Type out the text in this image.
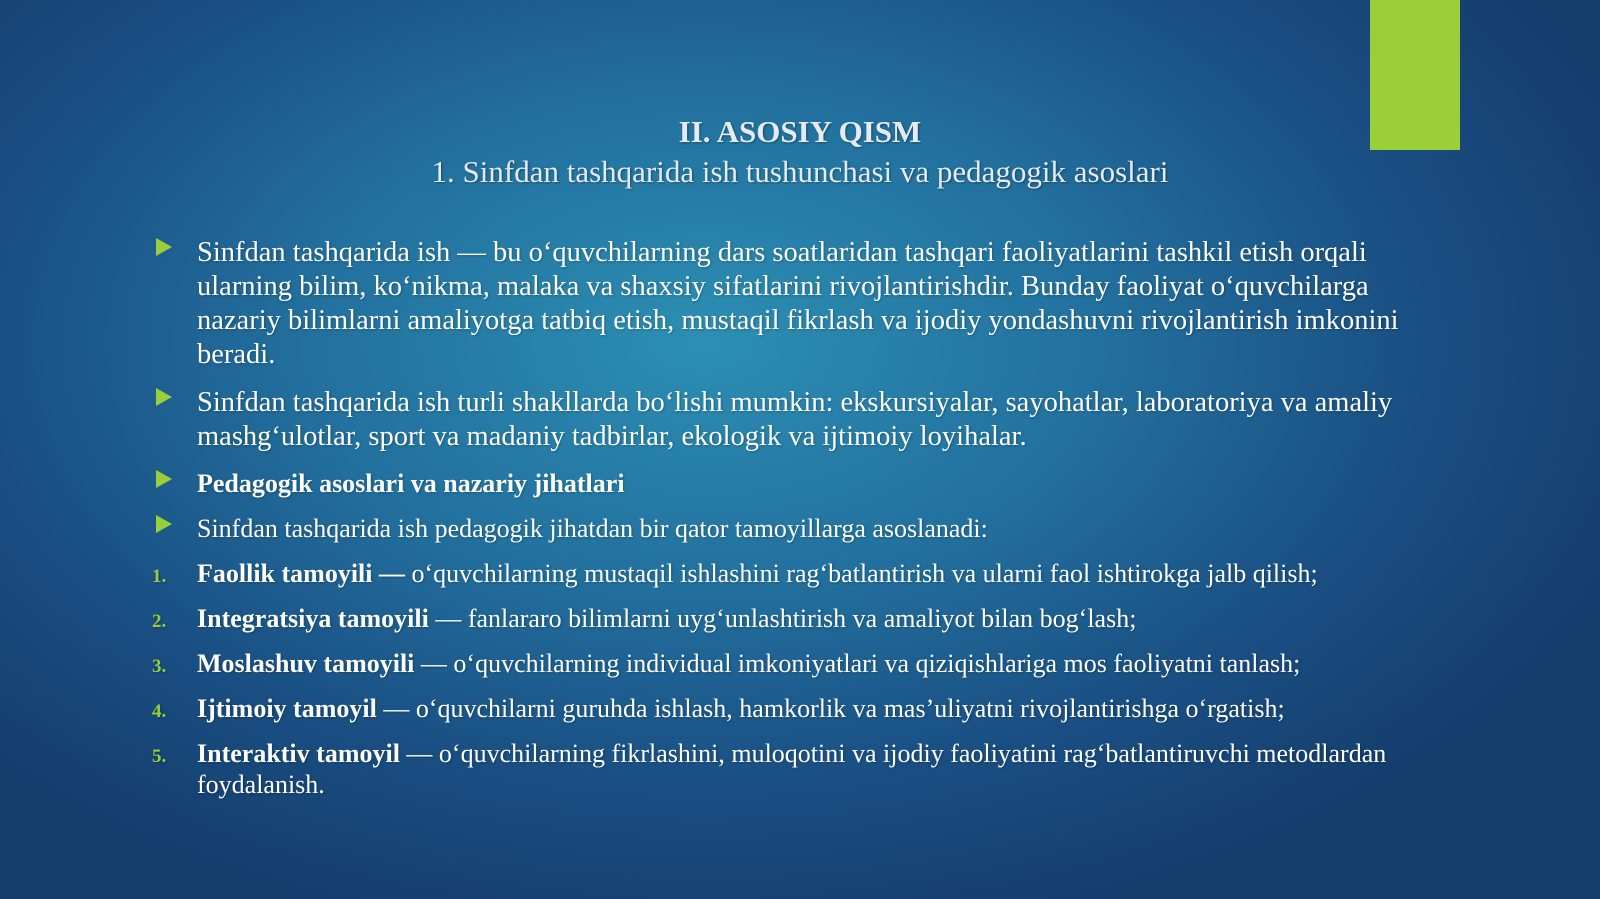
II. ASOSIY QISM
1. Sinfdan tashqarida ish tushunchasi va pedagogik asoslari
Sinfdan tashqarida ish — bu o‘quvchilarning dars soatlaridan tashqari faoliyatlarini tashkil etish orqali ularning bilim, ko‘nikma, malaka va shaxsiy sifatlarini rivojlantirishdir. Bunday faoliyat o‘quvchilarga nazariy bilimlarni amaliyotga tatbiq etish, mustaqil fikrlash va ijodiy yondashuvni rivojlantirish imkonini beradi.
Sinfdan tashqarida ish turli shakllarda bo‘lishi mumkin: ekskursiyalar, sayohatlar, laboratoriya va amaliy mashg‘ulotlar, sport va madaniy tadbirlar, ekologik va ijtimoiy loyihalar.
Pedagogik asoslari va nazariy jihatlari
Sinfdan tashqarida ish pedagogik jihatdan bir qator tamoyillarga asoslanadi:
1. Faollik tamoyili — o‘quvchilarning mustaqil ishlashini rag‘batlantirish va ularni faol ishtirokga jalb qilish;
2. Integratsiya tamoyili — fanlararo bilimlarni uyg‘unlashtirish va amaliyot bilan bog‘lash;
3. Moslashuv tamoyili — o‘quvchilarning individual imkoniyatlari va qiziqishlariga mos faoliyatni tanlash;
4. Ijtimoiy tamoyil — o‘quvchilarni guruhda ishlash, hamkorlik va mas’uliyatni rivojlantirishga o‘rgatish;
5. Interaktiv tamoyil — o‘quvchilarning fikrlashini, muloqotini va ijodiy faoliyatini rag‘batlantiruvchi metodlardan foydalanish.
